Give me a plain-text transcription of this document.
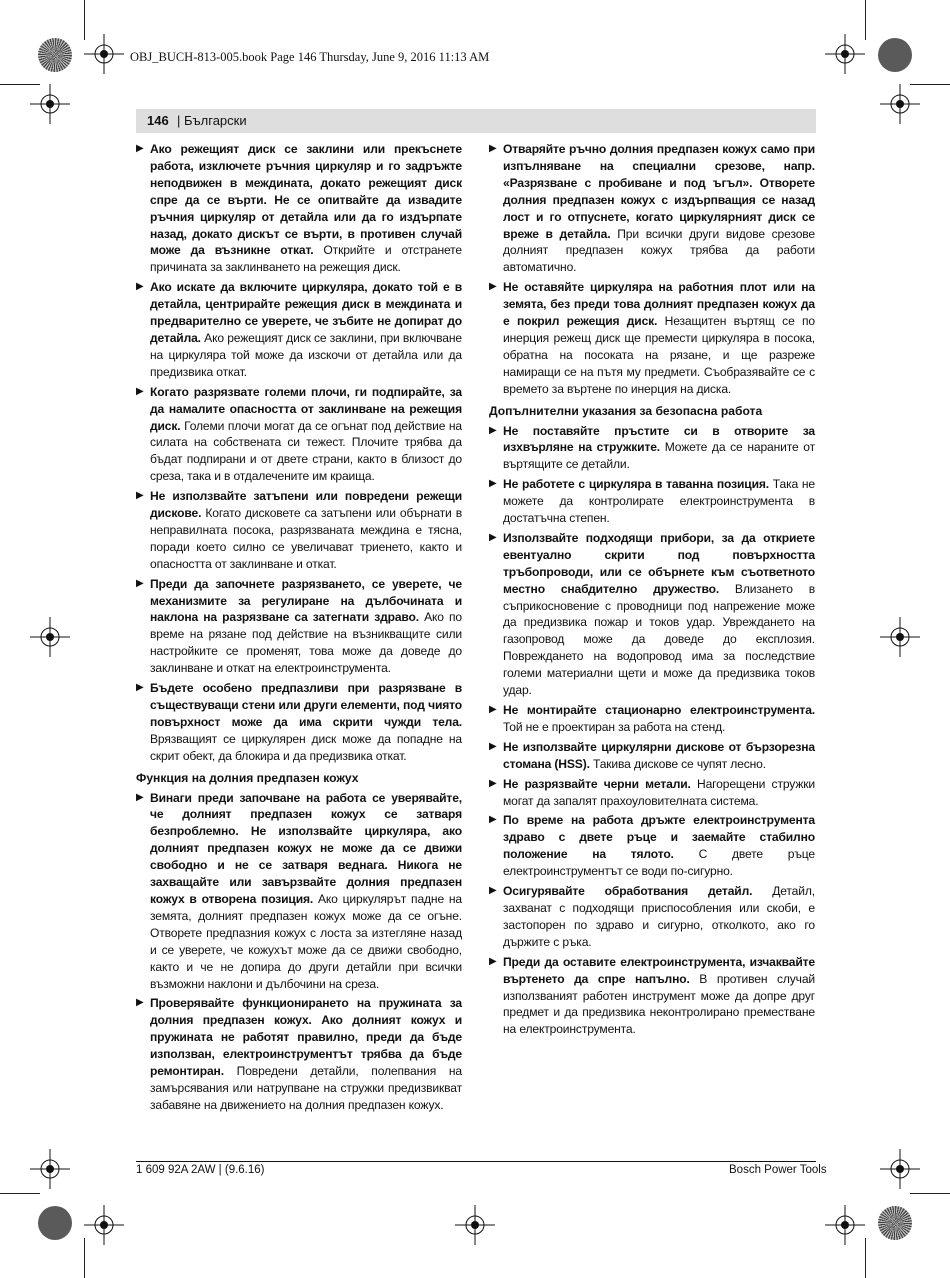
OBJ_BUCH-813-005.book Page 146 Thursday, June 9, 2016 11:13 AM
146 | Български
▶ Ако режещият диск се заклини или прекъснете работа, изключете ръчния циркуляр и го задръжте неподвижен в междината, докато режещият диск спре да се върти. Не се опитвайте да извадите ръчния циркуляр от детайла или да го издърпате назад, докато дискът се върти, в противен случай може да възникне откат. Открийте и отстранете причината за заклинването на режещия диск.

▶ Ако искате да включите циркуляра, докато той е в детайла, центрирайте режещия диск в междината и предварително се уверете, че зъбите не допират до детайла. Ако режещият диск се заклини, при включване на циркуляра той може да изскочи от детайла или да предизвика откат.

▶ Когато разрязвате големи плочи, ги подпирайте, за да намалите опасността от заклинване на режещия диск. Големи плочи могат да се огънат под действие на силата на собствената си тежест. Плочите трябва да бъдат подпирани и от двете страни, както в близост до среза, така и в отдалечените им краища.

▶ Не използвайте затъпени или повредени режещи дискове. Когато дисковете са затъпени или обърнати в неправилната посока, разрязваната междина е тясна, поради което силно се увеличават триенето, както и опасността от заклинване и откат.

▶ Преди да започнете разрязването, се уверете, че механизмите за регулиране на дълбочината и наклона на разрязване са затегнати здраво. Ако по време на рязане под действие на възникващите сили настройките се променят, това може да доведе до заклинване и откат на електроинструмента.

▶ Бъдете особено предпазливи при разрязване в съществуващи стени или други елементи, под чиято повърхност може да има скрити чужди тела. Врязващият се циркулярен диск може да попадне на скрит обект, да блокира и да предизвика откат.

Функция на долния предпазен кожух
▶ Винаги преди започване на работа се уверявайте, че долният предпазен кожух се затваря безпроблемно. Не използвайте циркуляра, ако долният предпазен кожух не може да се движи свободно и не се затваря веднага. Никога не захващайте или завързвайте долния предпазен кожух в отворена позиция. Ако циркулярът падне на земята, долният предпазен кожух може да се огъне. Отворете предпазния кожух с лоста за изтегляне назад и се уверете, че кожухът може да се движи свободно, както и че не допира до други детайли при всички възможни наклони и дълбочини на среза.

▶ Проверявайте функционирането на пружината за долния предпазен кожух. Ако долният кожух и пружината не работят правилно, преди да бъде използван, електроинструментът трябва да бъде ремонтиран. Повредени детайли, полепвания на замърсявания или натрупване на стружки предизвикват забавяне на движението на долния предпазен кожух.

▶ Отваряйте ръчно долния предпазен кожух само при изпълняване на специални срезове, напр. «Разрязване с пробиване и под ъгъл». Отворете долния предпазен кожух с издърпващия се назад лост и го отпуснете, когато циркулярният диск се вреже в детайла. При всички други видове срезове долният предпазен кожух трябва да работи автоматично.

▶ Не оставяйте циркуляра на работния плот или на земята, без преди това долният предпазен кожух да е покрил режещия диск. Незащитен въртящ се по инерция режещ диск ще премести циркуляра в посока, обратна на посоката на рязане, и ще разреже намиращи се на пътя му предмети. Съобразявайте се с времето за въртене по инерция на диска.

Допълнителни указания за безопасна работа
▶ Не поставяйте пръстите си в отворите за изхвърляне на стружките. Можете да се нараните от въртящите се детайли.

▶ Не работете с циркуляра в таванна позиция. Така не можете да контролирате електроинструмента в достатъчна степен.

▶ Използвайте подходящи прибори, за да откриете евентуално скрити под повърхността тръбопроводи, или се обърнете към съответното местно снабдително дружество. Влизането в съприкосновение с проводници под напрежение може да предизвика пожар и токов удар. Увреждането на газопровод може да доведе до експлозия. Повреждането на водопровод има за последствие големи материални щети и може да предизвика токов удар.

▶ Не монтирайте стационарно електроинструмента. Той не е проектиран за работа на стенд.

▶ Не използвайте циркулярни дискове от бързорезна стомана (HSS). Такива дискове се чупят лесно.

▶ Не разрязвайте черни метали. Нагорещени стружки могат да запалят прахоуловителната система.

▶ По време на работа дръжте електроинструмента здраво с двете ръце и заемайте стабилно положение на тялото. С двете ръце електроинструментът се води по-сигурно.

▶ Осигурявайте обработвания детайл. Детайл, захванат с подходящи приспособления или скоби, е застопорен по здраво и сигурно, отколкото, ако го държите с ръка.

▶ Преди да оставите електроинструмента, изчаквайте въртенето да спре напълно. В противен случай използваният работен инструмент може да допре друг предмет и да предизвика неконтролирано преместване на електроинструмента.

1 609 92A 2AW | (9.6.16)	Bosch Power Tools
